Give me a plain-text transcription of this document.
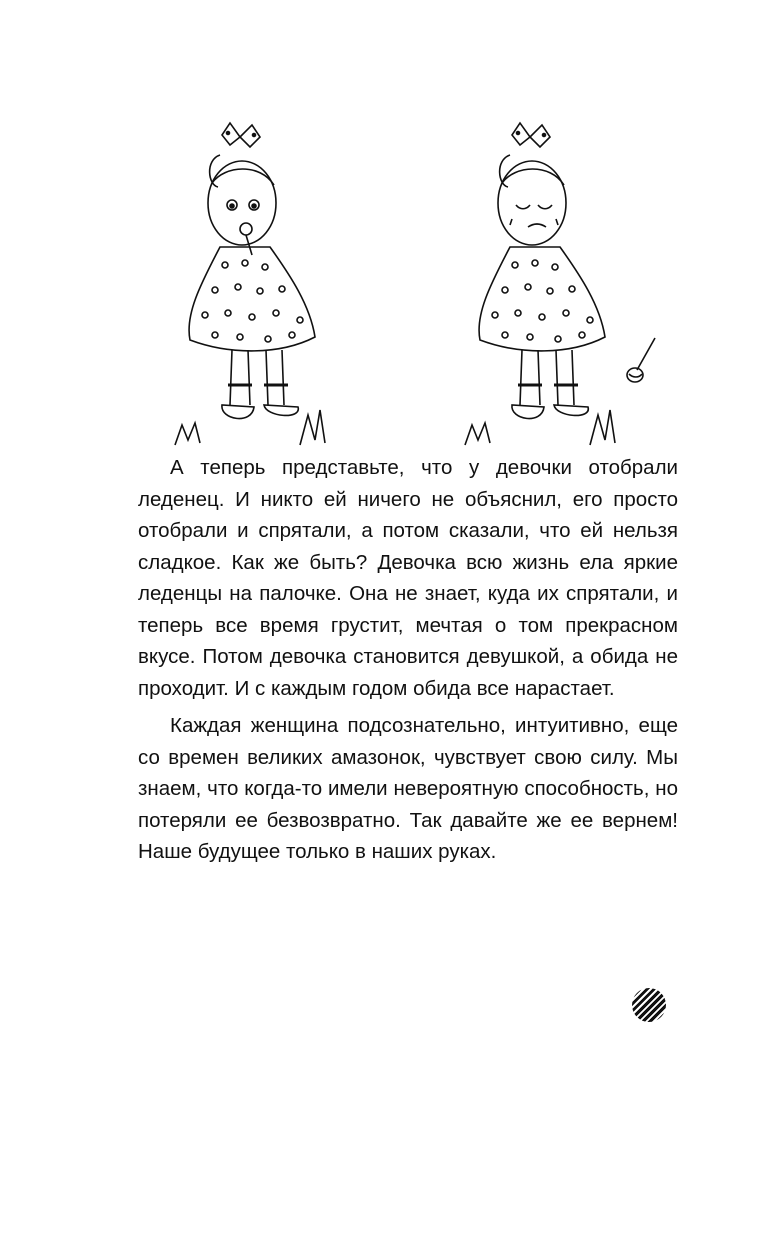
А теперь представьте, что у девочки отобрали леденец. И никто ей ничего не объяснил, его просто отобрали и спрятали, а потом сказали, что ей нельзя сладкое. Как же быть? Девочка всю жизнь ела яркие леденцы на палочке. Она не знает, куда их спрятали, и теперь все время грустит, мечтая о том прекрасном вкусе. Потом девочка становится девушкой, а обида не проходит. И с каждым годом обида все нарастает.

Каждая женщина подсознательно, интуитивно, еще со времен великих амазонок, чувствует свою силу. Мы знаем, что когда-то имели невероятную способность, но потеряли ее безвозвратно. Так давайте же ее вернем! Наше будущее только в наших руках.
